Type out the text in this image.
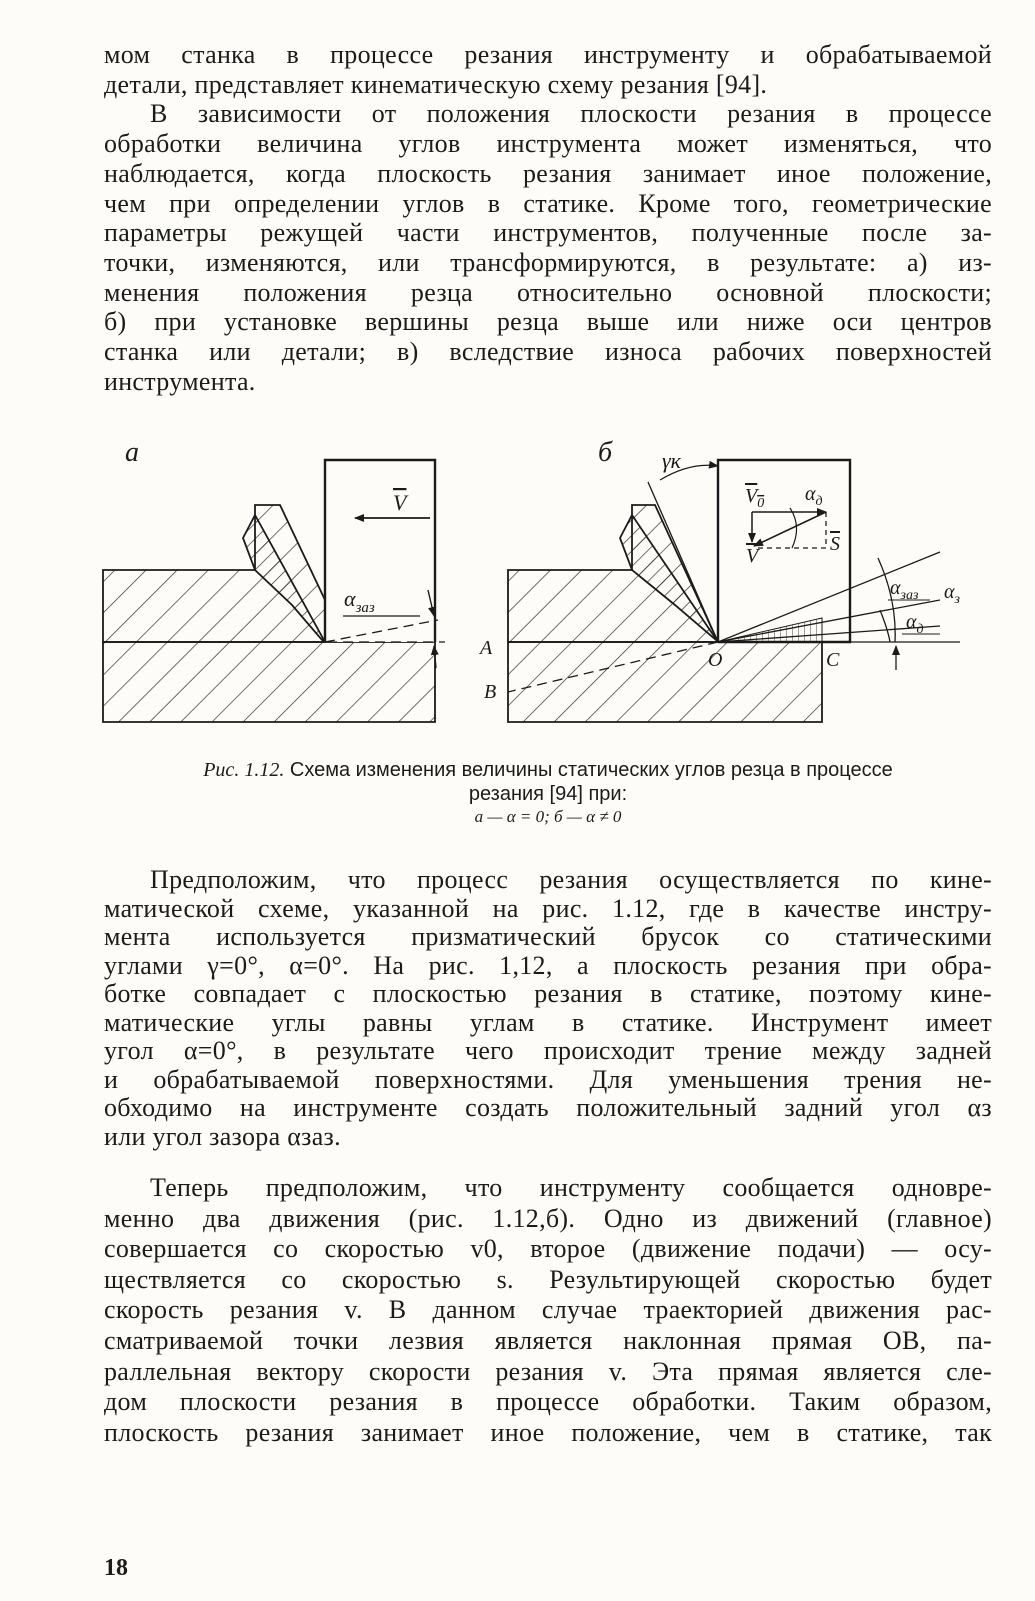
мом станка в процессе резания инструменту и обрабатываемой
детали, представляет кинематическую схему резания [94].
В зависимости от положения плоскости резания в процессе
обработки величина углов инструмента может изменяться, что
наблюдается, когда плоскость резания занимает иное положение,
чем при определении углов в статике. Кроме того, геометрические
параметры режущей части инструментов, полученные после за-
точки, изменяются, или трансформируются, в результате: а) из-
менения положения резца относительно основной плоскости;
б) при установке вершины резца выше или ниже оси центров
станка или детали; в) вследствие износа рабочих поверхностей
инструмента.
а
V
$\alpha_{заз}$
б γк
$\alpha_{заз}$ $\alpha_з$
$\alpha_д$
$V_0$ $\alpha_д$
S
V
A
B
O	C
Рис. 1.12. Схема изменения величины статических углов резца в процессе
резания [94] при:
а — α = 0; б — α ≠ 0
Предположим, что процесс резания осуществляется по кине-
матической схеме, указанной на рис. 1.12, где в качестве инстру-
мента используется призматический брусок со статическими
углами γ=0°, α=0°. На рис. 1,12, а плоскость резания при обра-
ботке совпадает с плоскостью резания в статике, поэтому кине-
матические углы равны углам в статике. Инструмент имеет
угол α=0°, в результате чего происходит трение между задней
и обрабатываемой поверхностями. Для уменьшения трения не-
обходимо на инструменте создать положительный задний угол αз
или угол зазора αзаз.
Теперь предположим, что инструменту сообщается одновре-
менно два движения (рис. 1.12,б). Одно из движений (главное)
совершается со скоростью v0, второе (движение подачи) — осу-
ществляется со скоростью s. Результирующей скоростью будет
скорость резания v. В данном случае траекторией движения рас-
сматриваемой точки лезвия является наклонная прямая OB, па-
раллельная вектору скорости резания v. Эта прямая является сле-
дом плоскости резания в процессе обработки. Таким образом,
плоскость резания занимает иное положение, чем в статике, так
18
